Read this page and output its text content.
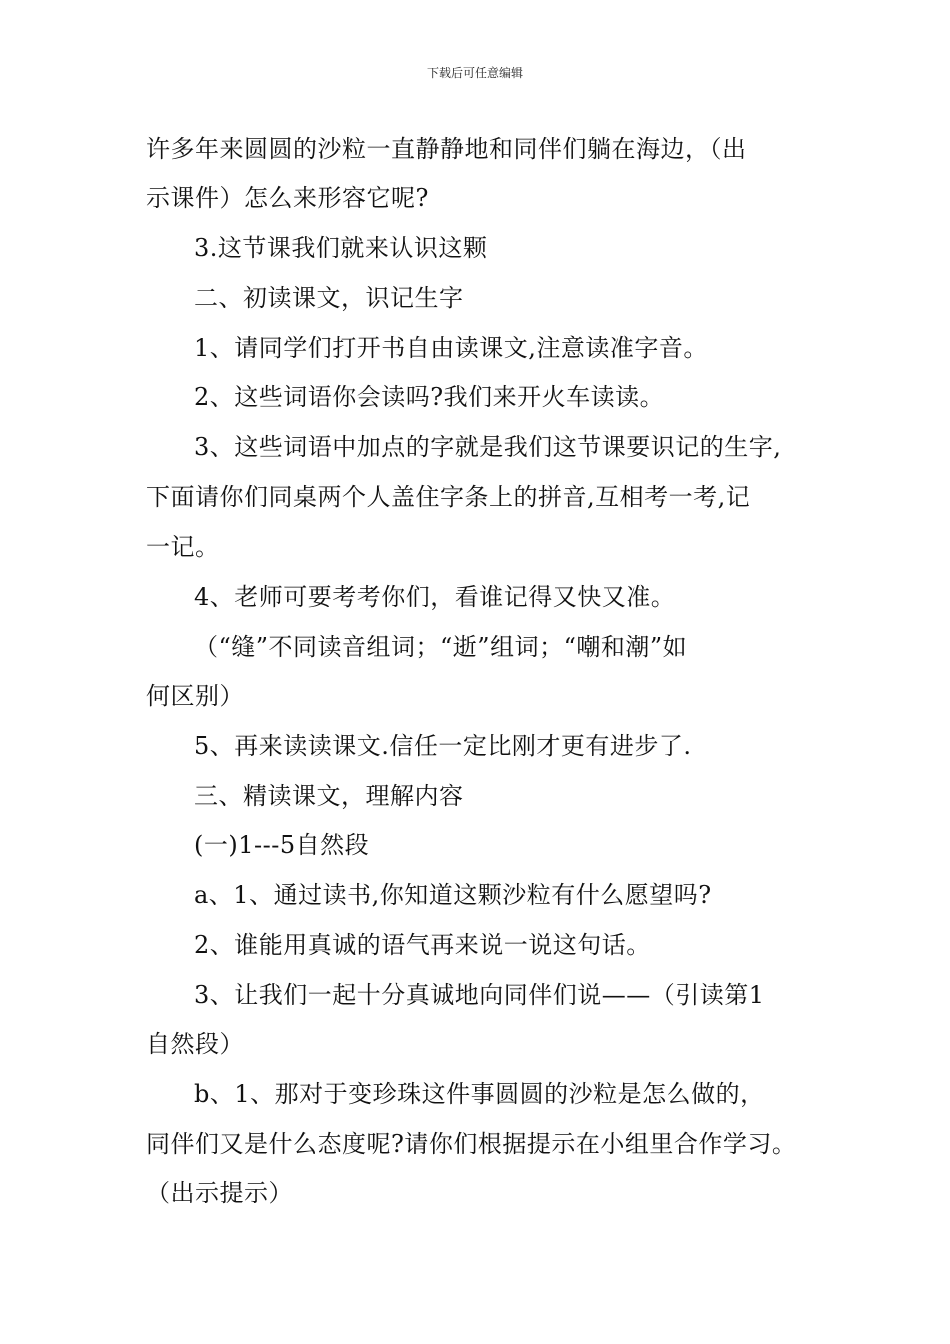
下载后可任意编辑
许多年来圆圆的沙粒一直静静地和同伴们躺在海边，（出
示课件）怎么来形容它呢?
3.这节课我们就来认识这颗
二、初读课文，识记生字
1、请同学们打开书自由读课文,注意读准字音。
2、这些词语你会读吗?我们来开火车读读。
3、这些词语中加点的字就是我们这节课要识记的生字,
下面请你们同桌两个人盖住字条上的拼音,互相考一考,记
一记。
4、老师可要考考你们，看谁记得又快又准。
（“缝”不同读音组词；“逝”组词；“嘲和潮”如
何区别）
5、再来读读课文.信任一定比刚才更有进步了.
三、精读课文，理解内容
(一)1---5自然段
a、1、通过读书,你知道这颗沙粒有什么愿望吗?
2、谁能用真诚的语气再来说一说这句话。
3、让我们一起十分真诚地向同伴们说——（引读第1
自然段）
b、1、那对于变珍珠这件事圆圆的沙粒是怎么做的，
同伴们又是什么态度呢?请你们根据提示在小组里合作学习。
（出示提示）
